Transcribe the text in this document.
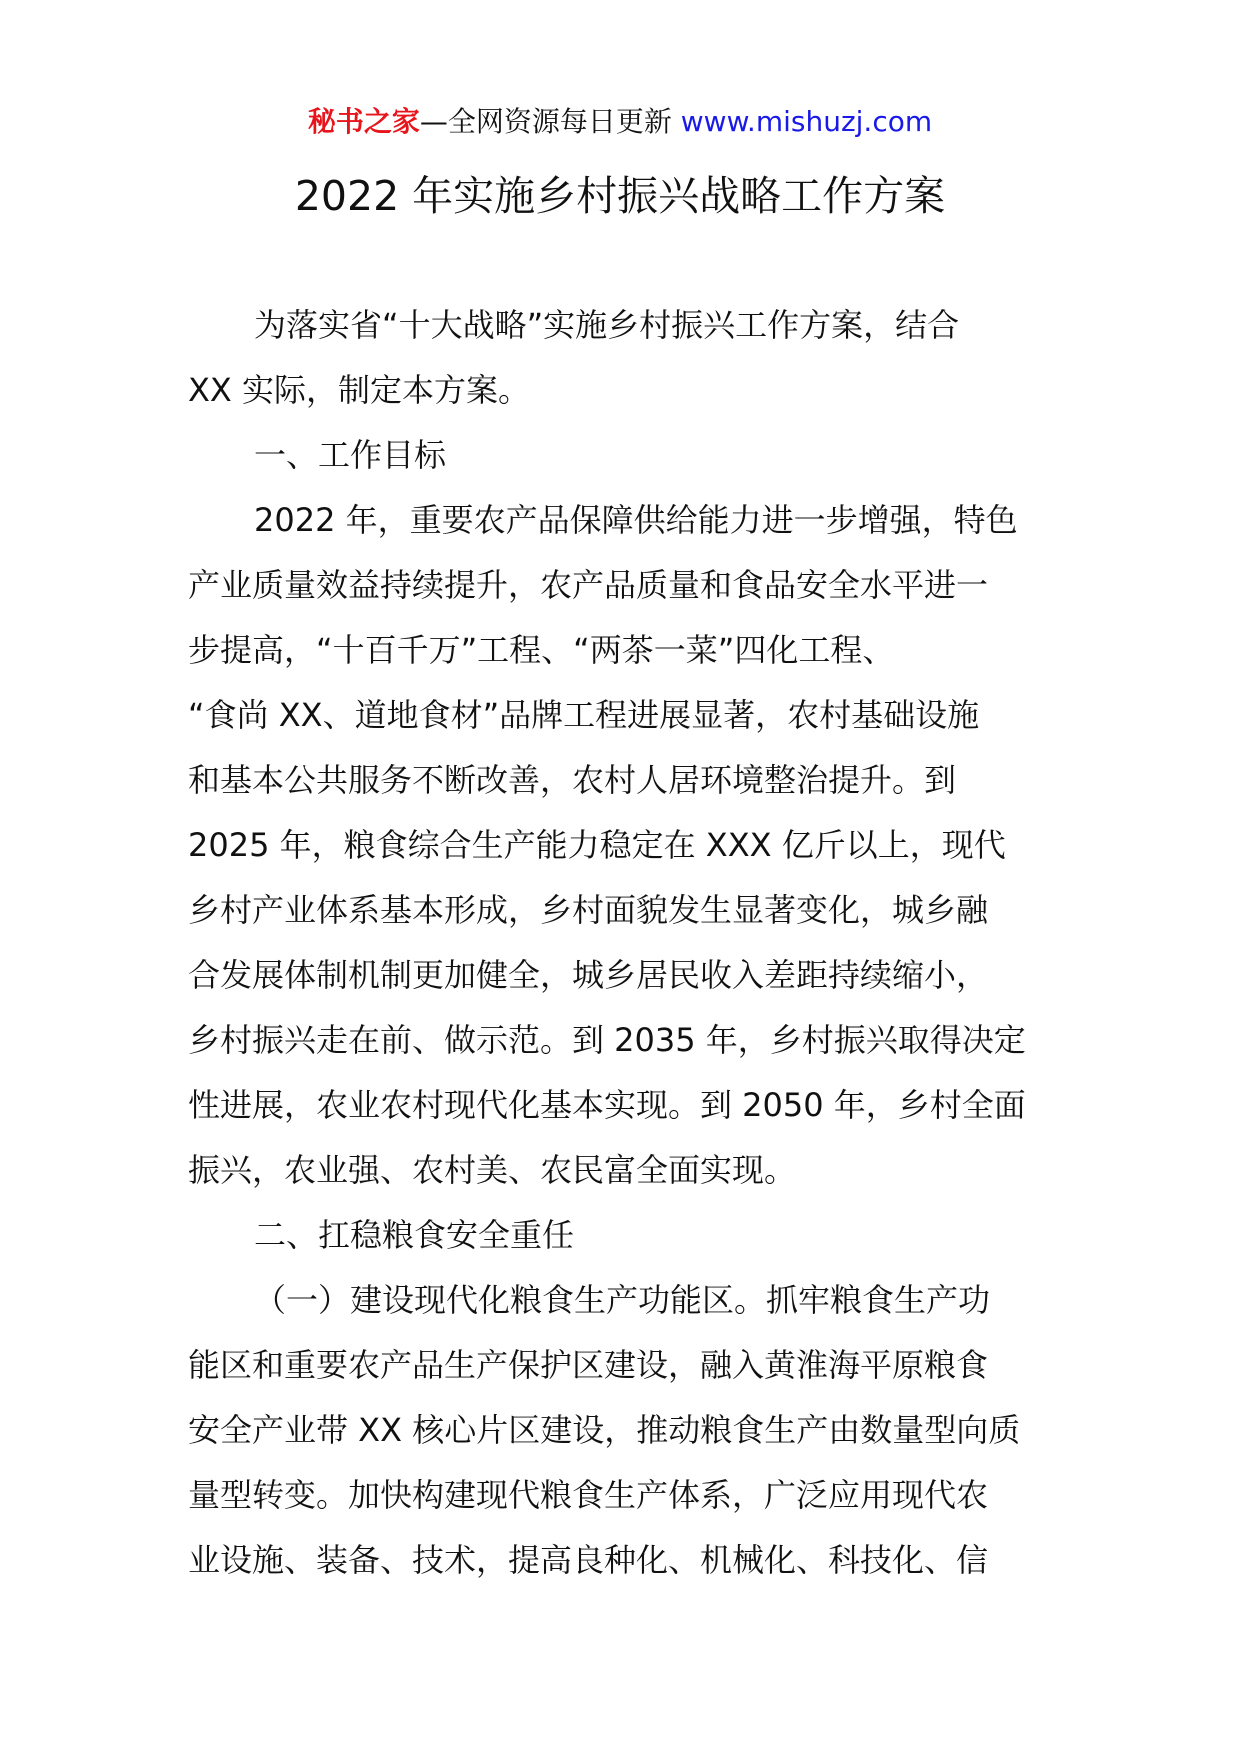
秘书之家—全网资源每日更新 www.mishuzj.com
2022 年实施乡村振兴战略工作方案
为落实省“十大战略”实施乡村振兴工作方案，结合
XX 实际，制定本方案。
一、工作目标
2022 年，重要农产品保障供给能力进一步增强，特色
产业质量效益持续提升，农产品质量和食品安全水平进一
步提高，“十百千万”工程、“两茶一菜”四化工程、
“食尚 XX、道地食材”品牌工程进展显著，农村基础设施
和基本公共服务不断改善，农村人居环境整治提升。到
2025 年，粮食综合生产能力稳定在 XXX 亿斤以上，现代
乡村产业体系基本形成，乡村面貌发生显著变化，城乡融
合发展体制机制更加健全，城乡居民收入差距持续缩小，
乡村振兴走在前、做示范。到 2035 年，乡村振兴取得决定
性进展，农业农村现代化基本实现。到 2050 年，乡村全面
振兴，农业强、农村美、农民富全面实现。
二、扛稳粮食安全重任
（一）建设现代化粮食生产功能区。抓牢粮食生产功
能区和重要农产品生产保护区建设，融入黄淮海平原粮食
安全产业带 XX 核心片区建设，推动粮食生产由数量型向质
量型转变。加快构建现代粮食生产体系，广泛应用现代农
业设施、装备、技术，提高良种化、机械化、科技化、信
